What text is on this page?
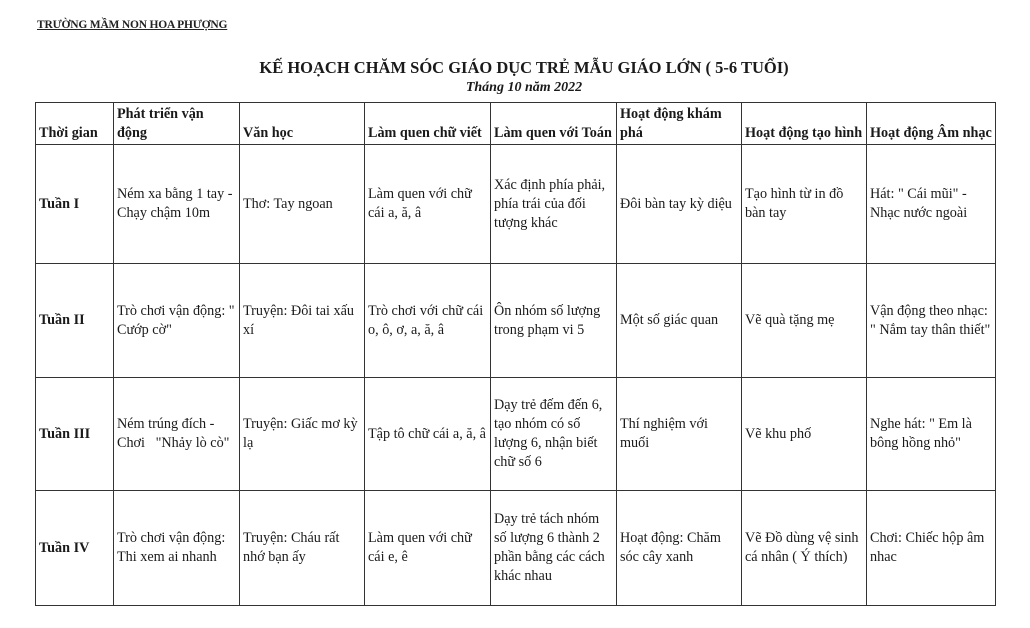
TRƯỜNG MẦM NON HOA PHƯỢNG
KẾ HOẠCH CHĂM SÓC GIÁO DỤC TRẺ MẪU GIÁO LỚN ( 5-6 TUỔI)
Tháng 10 năm 2022
Thời gian	Phát triển vận động	Văn học	Làm quen chữ viết	Làm quen với Toán	Hoạt động khám phá	Hoạt động tạo hình	Hoạt động Âm nhạc
Tuần I	Ném xa bằng 1 tay - Chạy chậm 10m	Thơ: Tay ngoan	Làm quen với chữ cái a, ă, â	Xác định phía phải, phía trái của đối tượng khác	Đôi bàn tay kỳ diệu	Tạo hình từ in đồ bàn tay	Hát: " Cái mũi" - Nhạc nước ngoài
Tuần II	Trò chơi vận động: " Cướp cờ"	Truyện: Đôi tai xấu xí	Trò chơi với chữ cái o, ô, ơ, a, ă, â	Ôn nhóm số lượng trong phạm vi 5	Một số giác quan	Vẽ quà tặng mẹ	Vận động theo nhạc: " Nắm tay thân thiết"
Tuần III	Ném trúng đích - Chơi   "Nhảy lò cò"	Truyện: Giấc mơ kỳ lạ	Tập tô chữ cái a, ă, â	Dạy trẻ đếm đến 6, tạo nhóm có số lượng 6, nhận biết chữ số 6	Thí nghiệm với muối	Vẽ khu phố	Nghe hát: " Em là bông hồng nhỏ"
Tuần IV	Trò chơi vận động: Thi xem ai nhanh	Truyện: Cháu rất nhớ bạn ấy	Làm quen với chữ cái e, ê	Dạy trẻ tách nhóm số lượng 6 thành 2 phần bằng các cách khác nhau	Hoạt động: Chăm sóc cây xanh	Vẽ Đồ dùng vệ sinh cá nhân ( Ý thích)	Chơi: Chiếc hộp âm nhac
